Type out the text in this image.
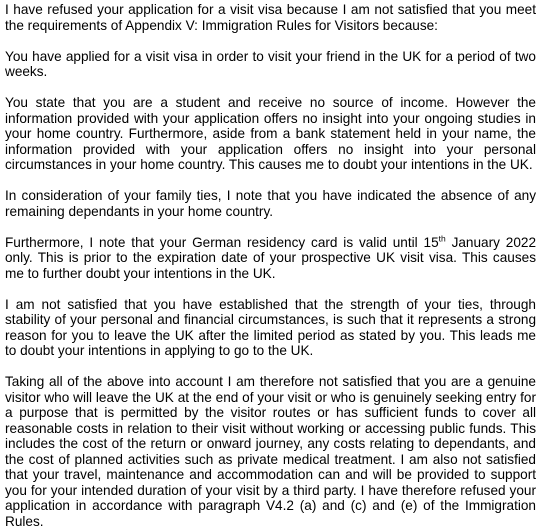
I have refused your application for a visit visa because I am not satisfied that you meet the requirements of Appendix V: Immigration Rules for Visitors because:

You have applied for a visit visa in order to visit your friend in the UK for a period of two weeks.

You state that you are a student and receive no source of income. However the information provided with your application offers no insight into your ongoing studies in your home country. Furthermore, aside from a bank statement held in your name, the information provided with your application offers no insight into your personal circumstances in your home country. This causes me to doubt your intentions in the UK.

In consideration of your family ties, I note that you have indicated the absence of any remaining dependants in your home country.

Furthermore, I note that your German residency card is valid until 15th January 2022 only. This is prior to the expiration date of your prospective UK visit visa. This causes me to further doubt your intentions in the UK.

I am not satisfied that you have established that the strength of your ties, through stability of your personal and financial circumstances, is such that it represents a strong reason for you to leave the UK after the limited period as stated by you. This leads me to doubt your intentions in applying to go to the UK.

Taking all of the above into account I am therefore not satisfied that you are a genuine visitor who will leave the UK at the end of your visit or who is genuinely seeking entry for a purpose that is permitted by the visitor routes or has sufficient funds to cover all reasonable costs in relation to their visit without working or accessing public funds. This includes the cost of the return or onward journey, any costs relating to dependants, and the cost of planned activities such as private medical treatment. I am also not satisfied that your travel, maintenance and accommodation can and will be provided to support you for your intended duration of your visit by a third party. I have therefore refused your application in accordance with paragraph V4.2 (a) and (c) and (e) of the Immigration Rules.
